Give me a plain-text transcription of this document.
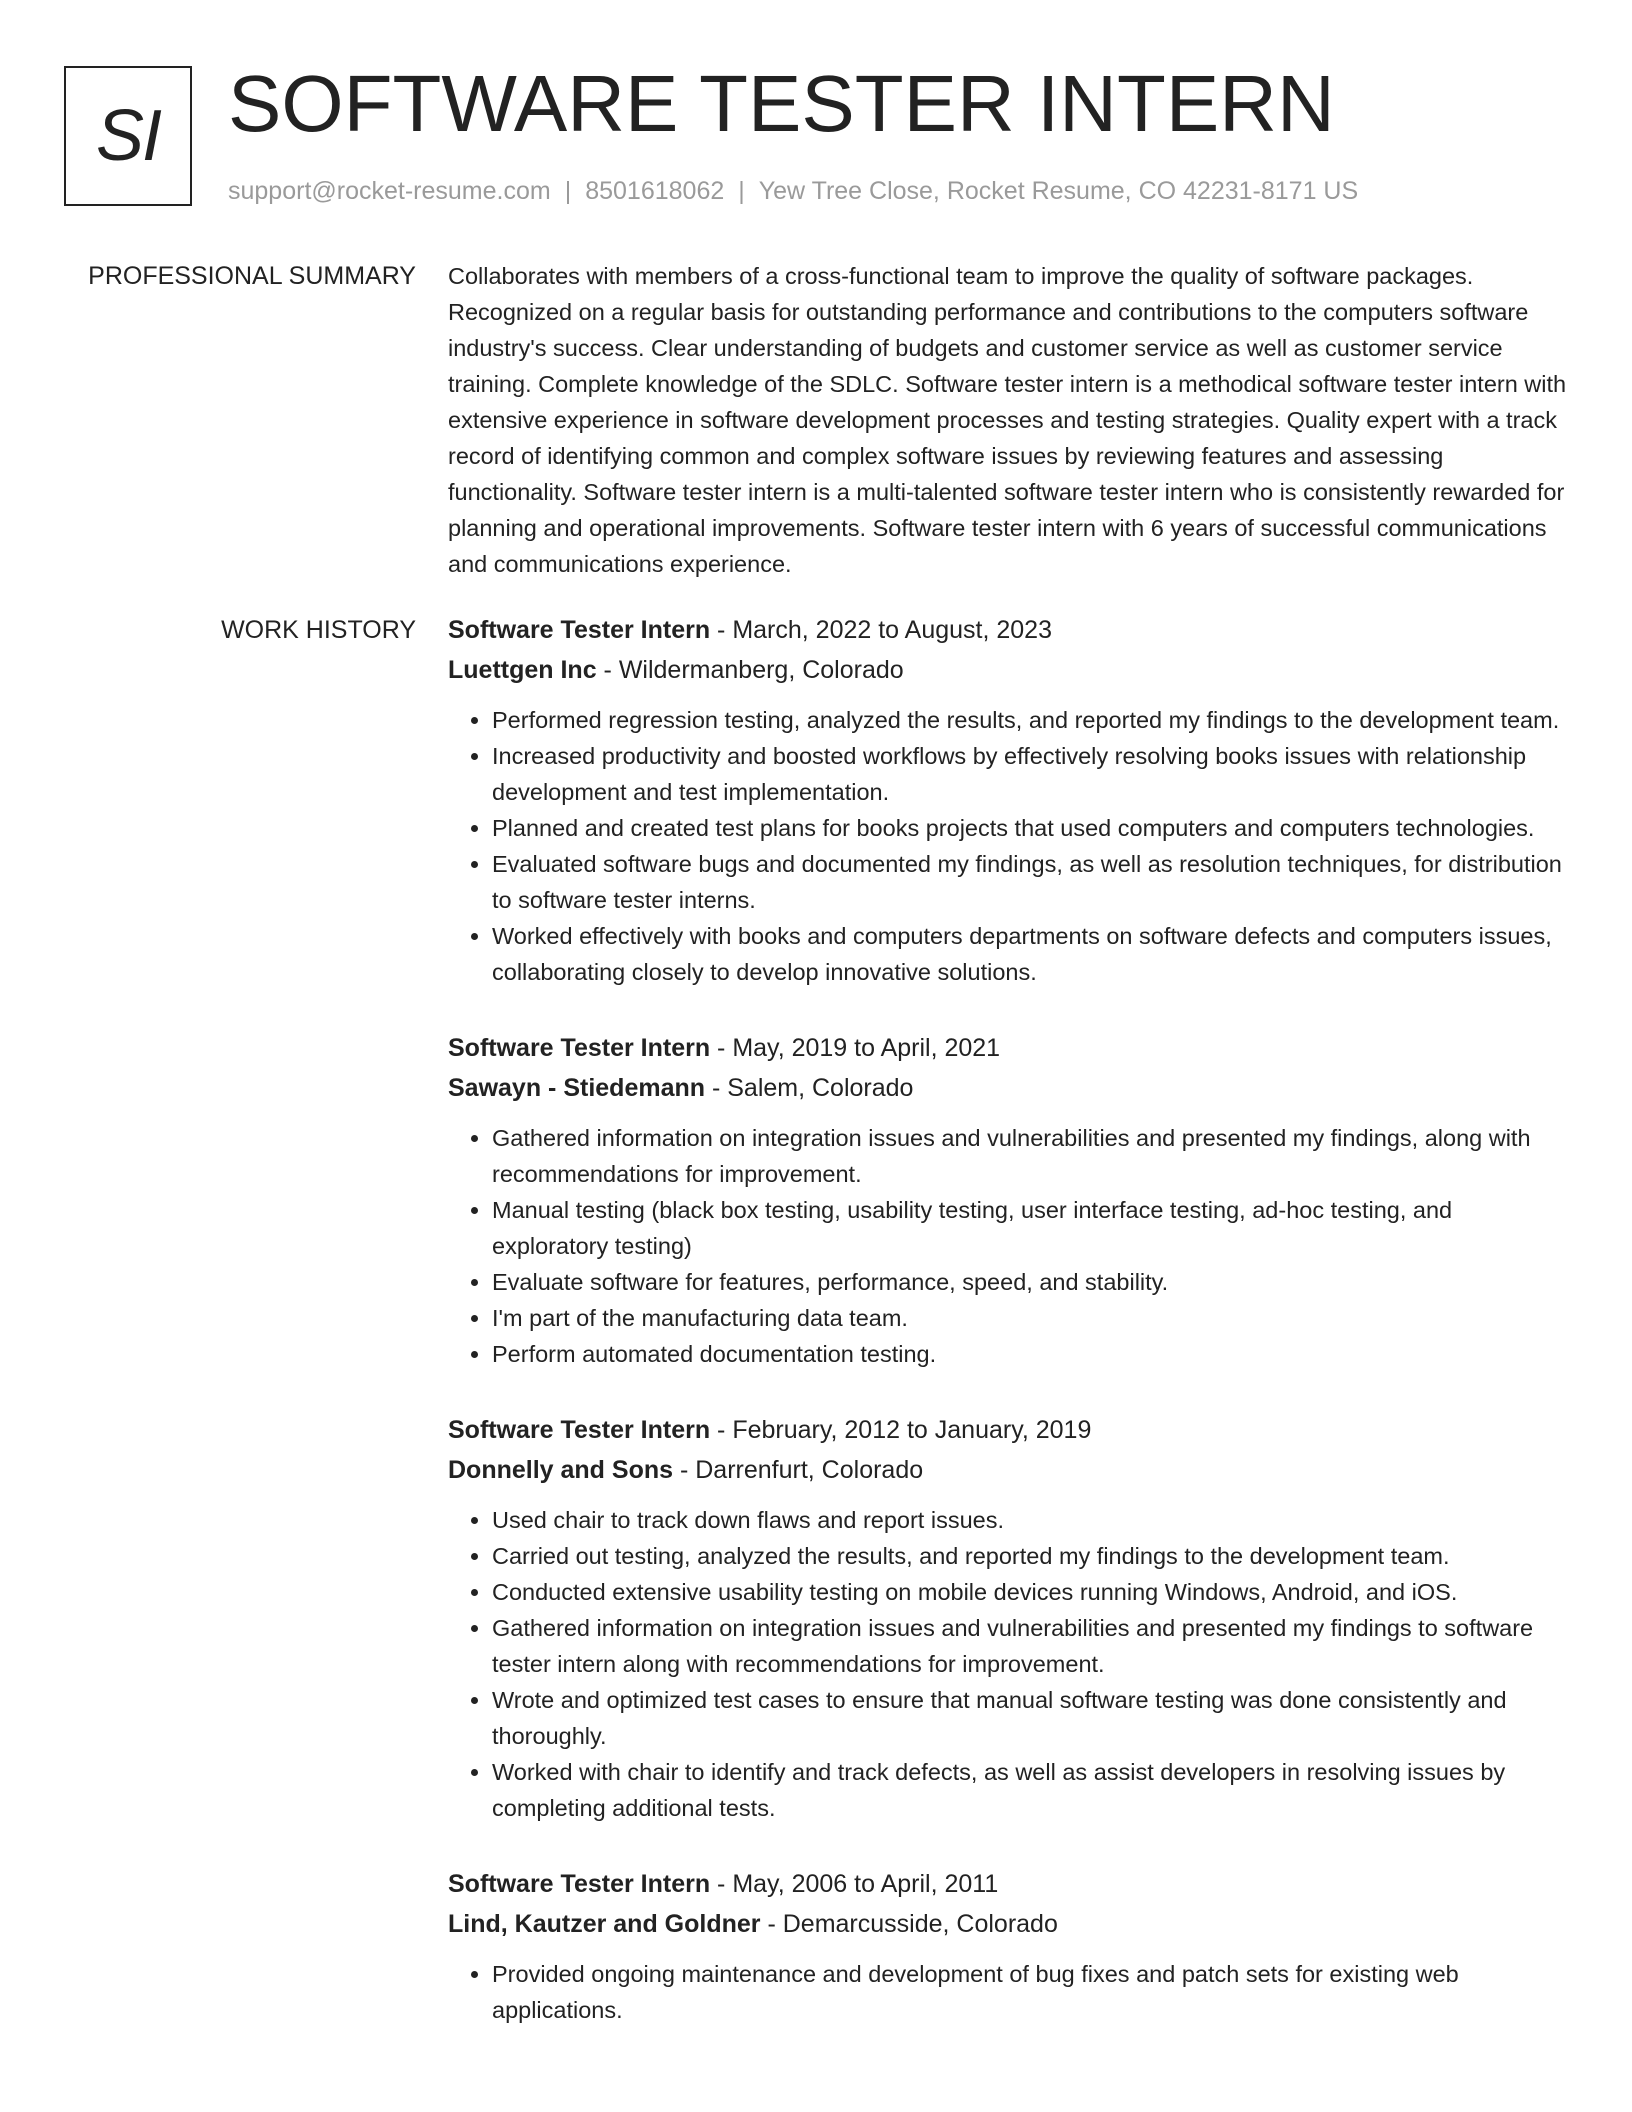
SI SOFTWARE TESTER INTERN
support@rocket-resume.com | 8501618062 | Yew Tree Close, Rocket Resume, CO 42231-8171 US
PROFESSIONAL SUMMARY Collaborates with members of a cross-functional team to improve the quality of software packages. Recognized on a regular basis for outstanding performance and contributions to the computers software industry's success. Clear understanding of budgets and customer service as well as customer service training. Complete knowledge of the SDLC. Software tester intern is a methodical software tester intern with extensive experience in software development processes and testing strategies. Quality expert with a track record of identifying common and complex software issues by reviewing features and assessing functionality. Software tester intern is a multi-talented software tester intern who is consistently rewarded for planning and operational improvements. Software tester intern with 6 years of successful communications and communications experience.

WORK HISTORY Software Tester Intern - March, 2022 to August, 2023

Luettgen Inc - Wildermanberg, Colorado

• Performed regression testing, analyzed the results, and reported my findings to the development team.
• Increased productivity and boosted workflows by effectively resolving books issues with relationship development and test implementation.
• Planned and created test plans for books projects that used computers and computers technologies.
• Evaluated software bugs and documented my findings, as well as resolution techniques, for distribution to software tester interns.
• Worked effectively with books and computers departments on software defects and computers issues, collaborating closely to develop innovative solutions.

Software Tester Intern - May, 2019 to April, 2021

Sawayn - Stiedemann - Salem, Colorado

• Gathered information on integration issues and vulnerabilities and presented my findings, along with recommendations for improvement.
• Manual testing (black box testing, usability testing, user interface testing, ad-hoc testing, and exploratory testing)
• Evaluate software for features, performance, speed, and stability.
• I'm part of the manufacturing data team.
• Perform automated documentation testing.

Software Tester Intern - February, 2012 to January, 2019

Donnelly and Sons - Darrenfurt, Colorado

• Used chair to track down flaws and report issues.
• Carried out testing, analyzed the results, and reported my findings to the development team.
• Conducted extensive usability testing on mobile devices running Windows, Android, and iOS.
• Gathered information on integration issues and vulnerabilities and presented my findings to software tester intern along with recommendations for improvement.
• Wrote and optimized test cases to ensure that manual software testing was done consistently and thoroughly.
• Worked with chair to identify and track defects, as well as assist developers in resolving issues by completing additional tests.

Software Tester Intern - May, 2006 to April, 2011

Lind, Kautzer and Goldner - Demarcusside, Colorado

• Provided ongoing maintenance and development of bug fixes and patch sets for existing web applications.
